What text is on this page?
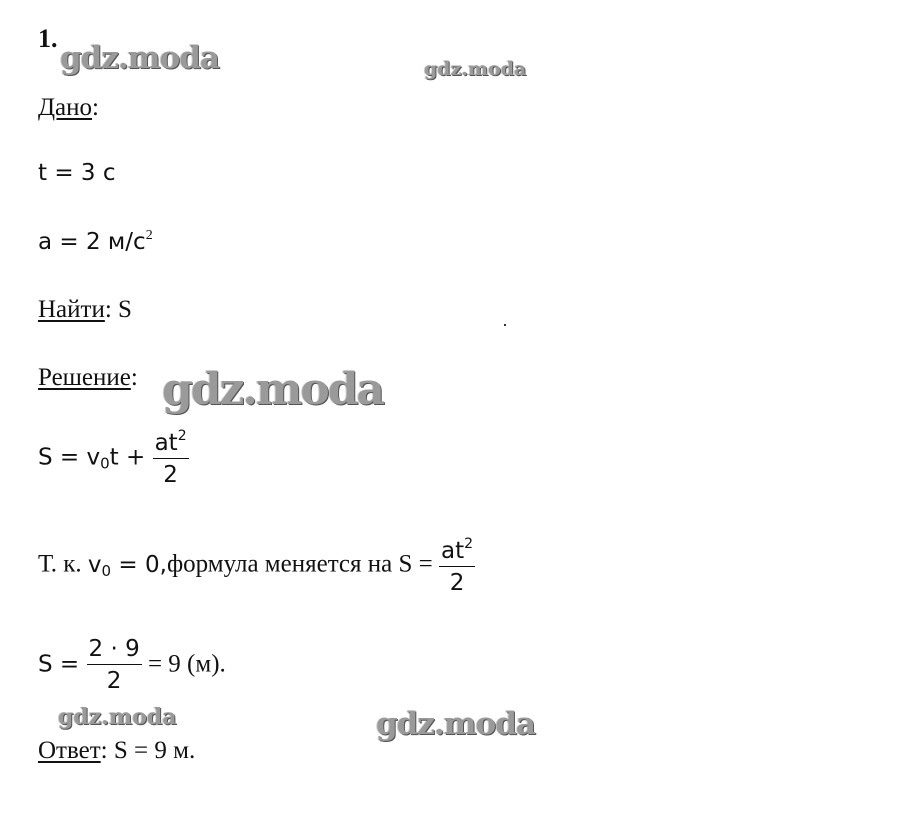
1.
gdz.moda	gdz.moda
Дано:
t = 3 c
a = 2 $м/c^2$
Найти: S
Решение: gdz.moda
$S = v_0t + \frac{at^2}{2}$
Т. к. $v_0$ = 0,формула меняется на $S = \frac{at^2}{2}$
$S = \frac{2 \cdot 9}{2} = 9$ (м).
gdz.moda	gdz.moda
Ответ: S = 9 м.
